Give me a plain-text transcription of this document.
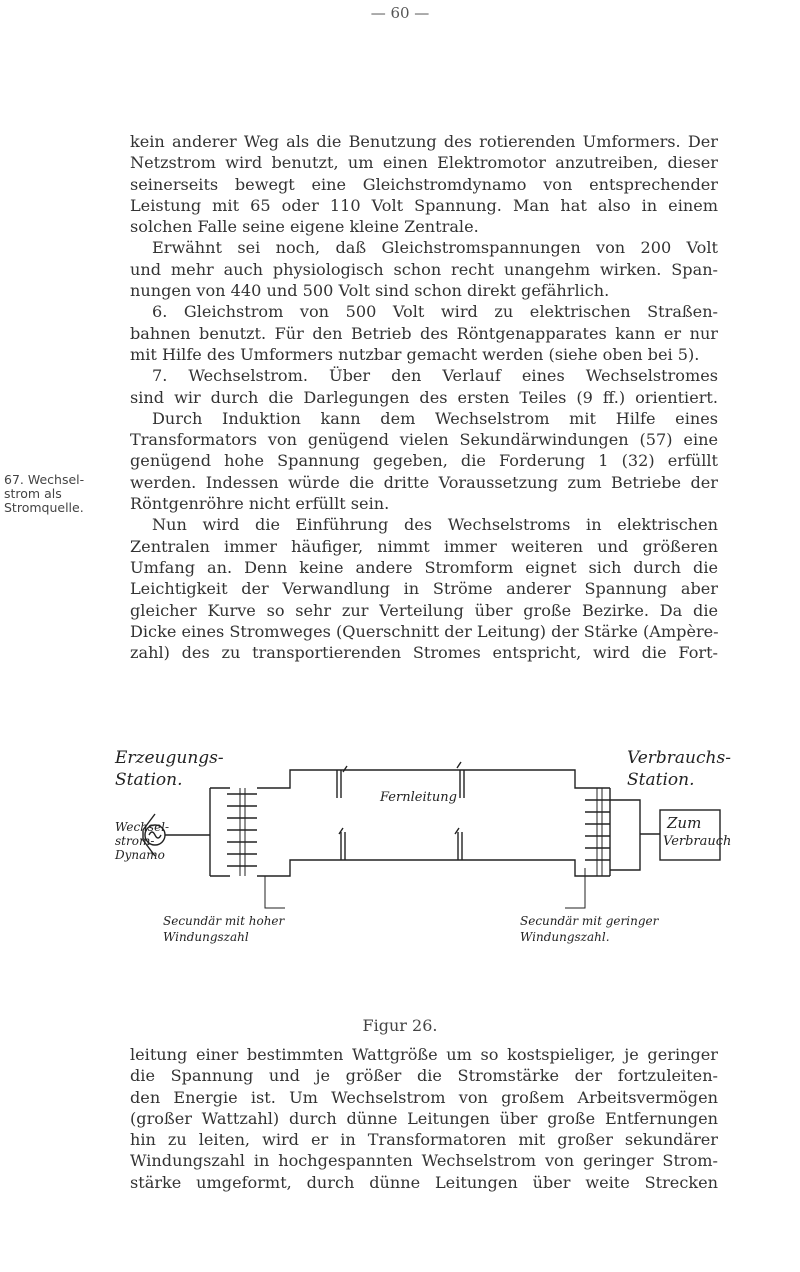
— 60 —
kein anderer Weg als die Benutzung des rotierenden Umformers. Der
Netzstrom wird benutzt, um einen Elektromotor anzutreiben, dieser
seinerseits bewegt eine Gleichstromdynamo von entsprechender
Leistung mit 65 oder 110 Volt Spannung. Man hat also in einem
solchen Falle seine eigene kleine Zentrale.
Erwähnt sei noch, daß Gleichstromspannungen von 200 Volt
und mehr auch physiologisch schon recht unangehm wirken. Span-
nungen von 440 und 500 Volt sind schon direkt gefährlich.
6. Gleichstrom von 500 Volt wird zu elektrischen Straßen-
bahnen benutzt. Für den Betrieb des Röntgenapparates kann er nur
mit Hilfe des Umformers nutzbar gemacht werden (siehe oben bei 5).
7. Wechselstrom. Über den Verlauf eines Wechselstromes
sind wir durch die Darlegungen des ersten Teiles (9 ff.) orientiert.
Durch Induktion kann dem Wechselstrom mit Hilfe eines
Transformators von genügend vielen Sekundärwindungen (57) eine
genügend hohe Spannung gegeben, die Forderung 1 (32) erfüllt
werden. Indessen würde die dritte Voraussetzung zum Betriebe der
Röntgenröhre nicht erfüllt sein.
Nun wird die Einführung des Wechselstroms in elektrischen
Zentralen immer häufiger, nimmt immer weiteren und größeren
Umfang an. Denn keine andere Stromform eignet sich durch die
Leichtigkeit der Verwandlung in Ströme anderer Spannung aber
gleicher Kurve so sehr zur Verteilung über große Bezirke. Da die
Dicke eines Stromweges (Querschnitt der Leitung) der Stärke (Ampère-
zahl) des zu transportierenden Stromes entspricht, wird die Fort-
67. Wechsel-
strom als
Stromquelle.
Erzeugungs-
Station.
Verbrauchs-
Station.
Wechsel-
strom-
Dynamo
Fernleitung
Zum
Verbrauch
Secundär mit hoher
Windungszahl
Secundär mit geringer
Windungszahl.
Figur 26.
leitung einer bestimmten Wattgröße um so kostspieliger, je geringer
die Spannung und je größer die Stromstärke der fortzuleiten-
den Energie ist. Um Wechselstrom von großem Arbeitsvermögen
(großer Wattzahl) durch dünne Leitungen über große Entfernungen
hin zu leiten, wird er in Transformatoren mit großer sekundärer
Windungszahl in hochgespannten Wechselstrom von geringer Strom-
stärke umgeformt, durch dünne Leitungen über weite Strecken
